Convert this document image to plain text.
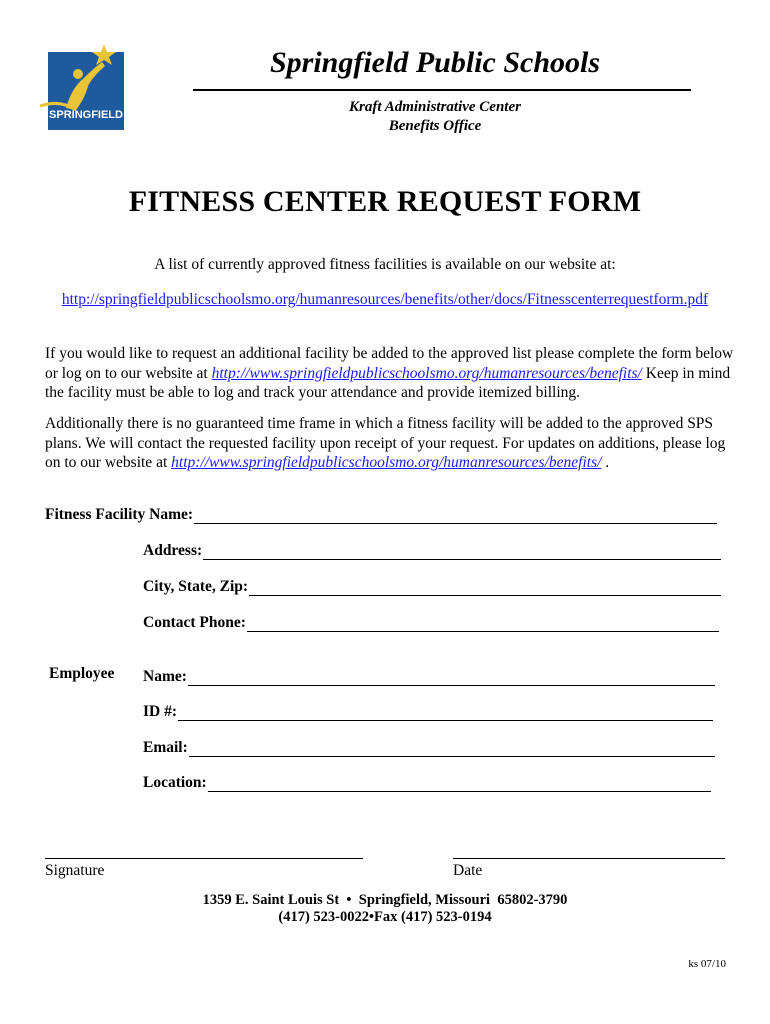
SPRINGFIELD
PUBLIC SCHOOLS
Springfield Public Schools
Kraft Administrative Center
Benefits Office
FITNESS CENTER REQUEST FORM
A list of currently approved fitness facilities is available on our website at:
http://springfieldpublicschoolsmo.org/humanresources/benefits/other/docs/Fitnesscenterrequestform.pdf
If you would like to request an additional facility be added to the approved list please complete the form below or log on to our website at http://www.springfieldpublicschoolsmo.org/humanresources/benefits/ Keep in mind the facility must be able to log and track your attendance and provide itemized billing.
Additionally there is no guaranteed time frame in which a fitness facility will be added to the approved SPS plans. We will contact the requested facility upon receipt of your request. For updates on additions, please log on to our website at http://www.springfieldpublicschoolsmo.org/humanresources/benefits/ .
Fitness Facility Name:
Address:
City, State, Zip:
Contact Phone:
Employee Name:
ID #:
Email:
Location:
Signature	Date
1359 E. Saint Louis St  •  Springfield, Missouri  65802-3790
(417) 523-0022•Fax (417) 523-0194
ks 07/10
